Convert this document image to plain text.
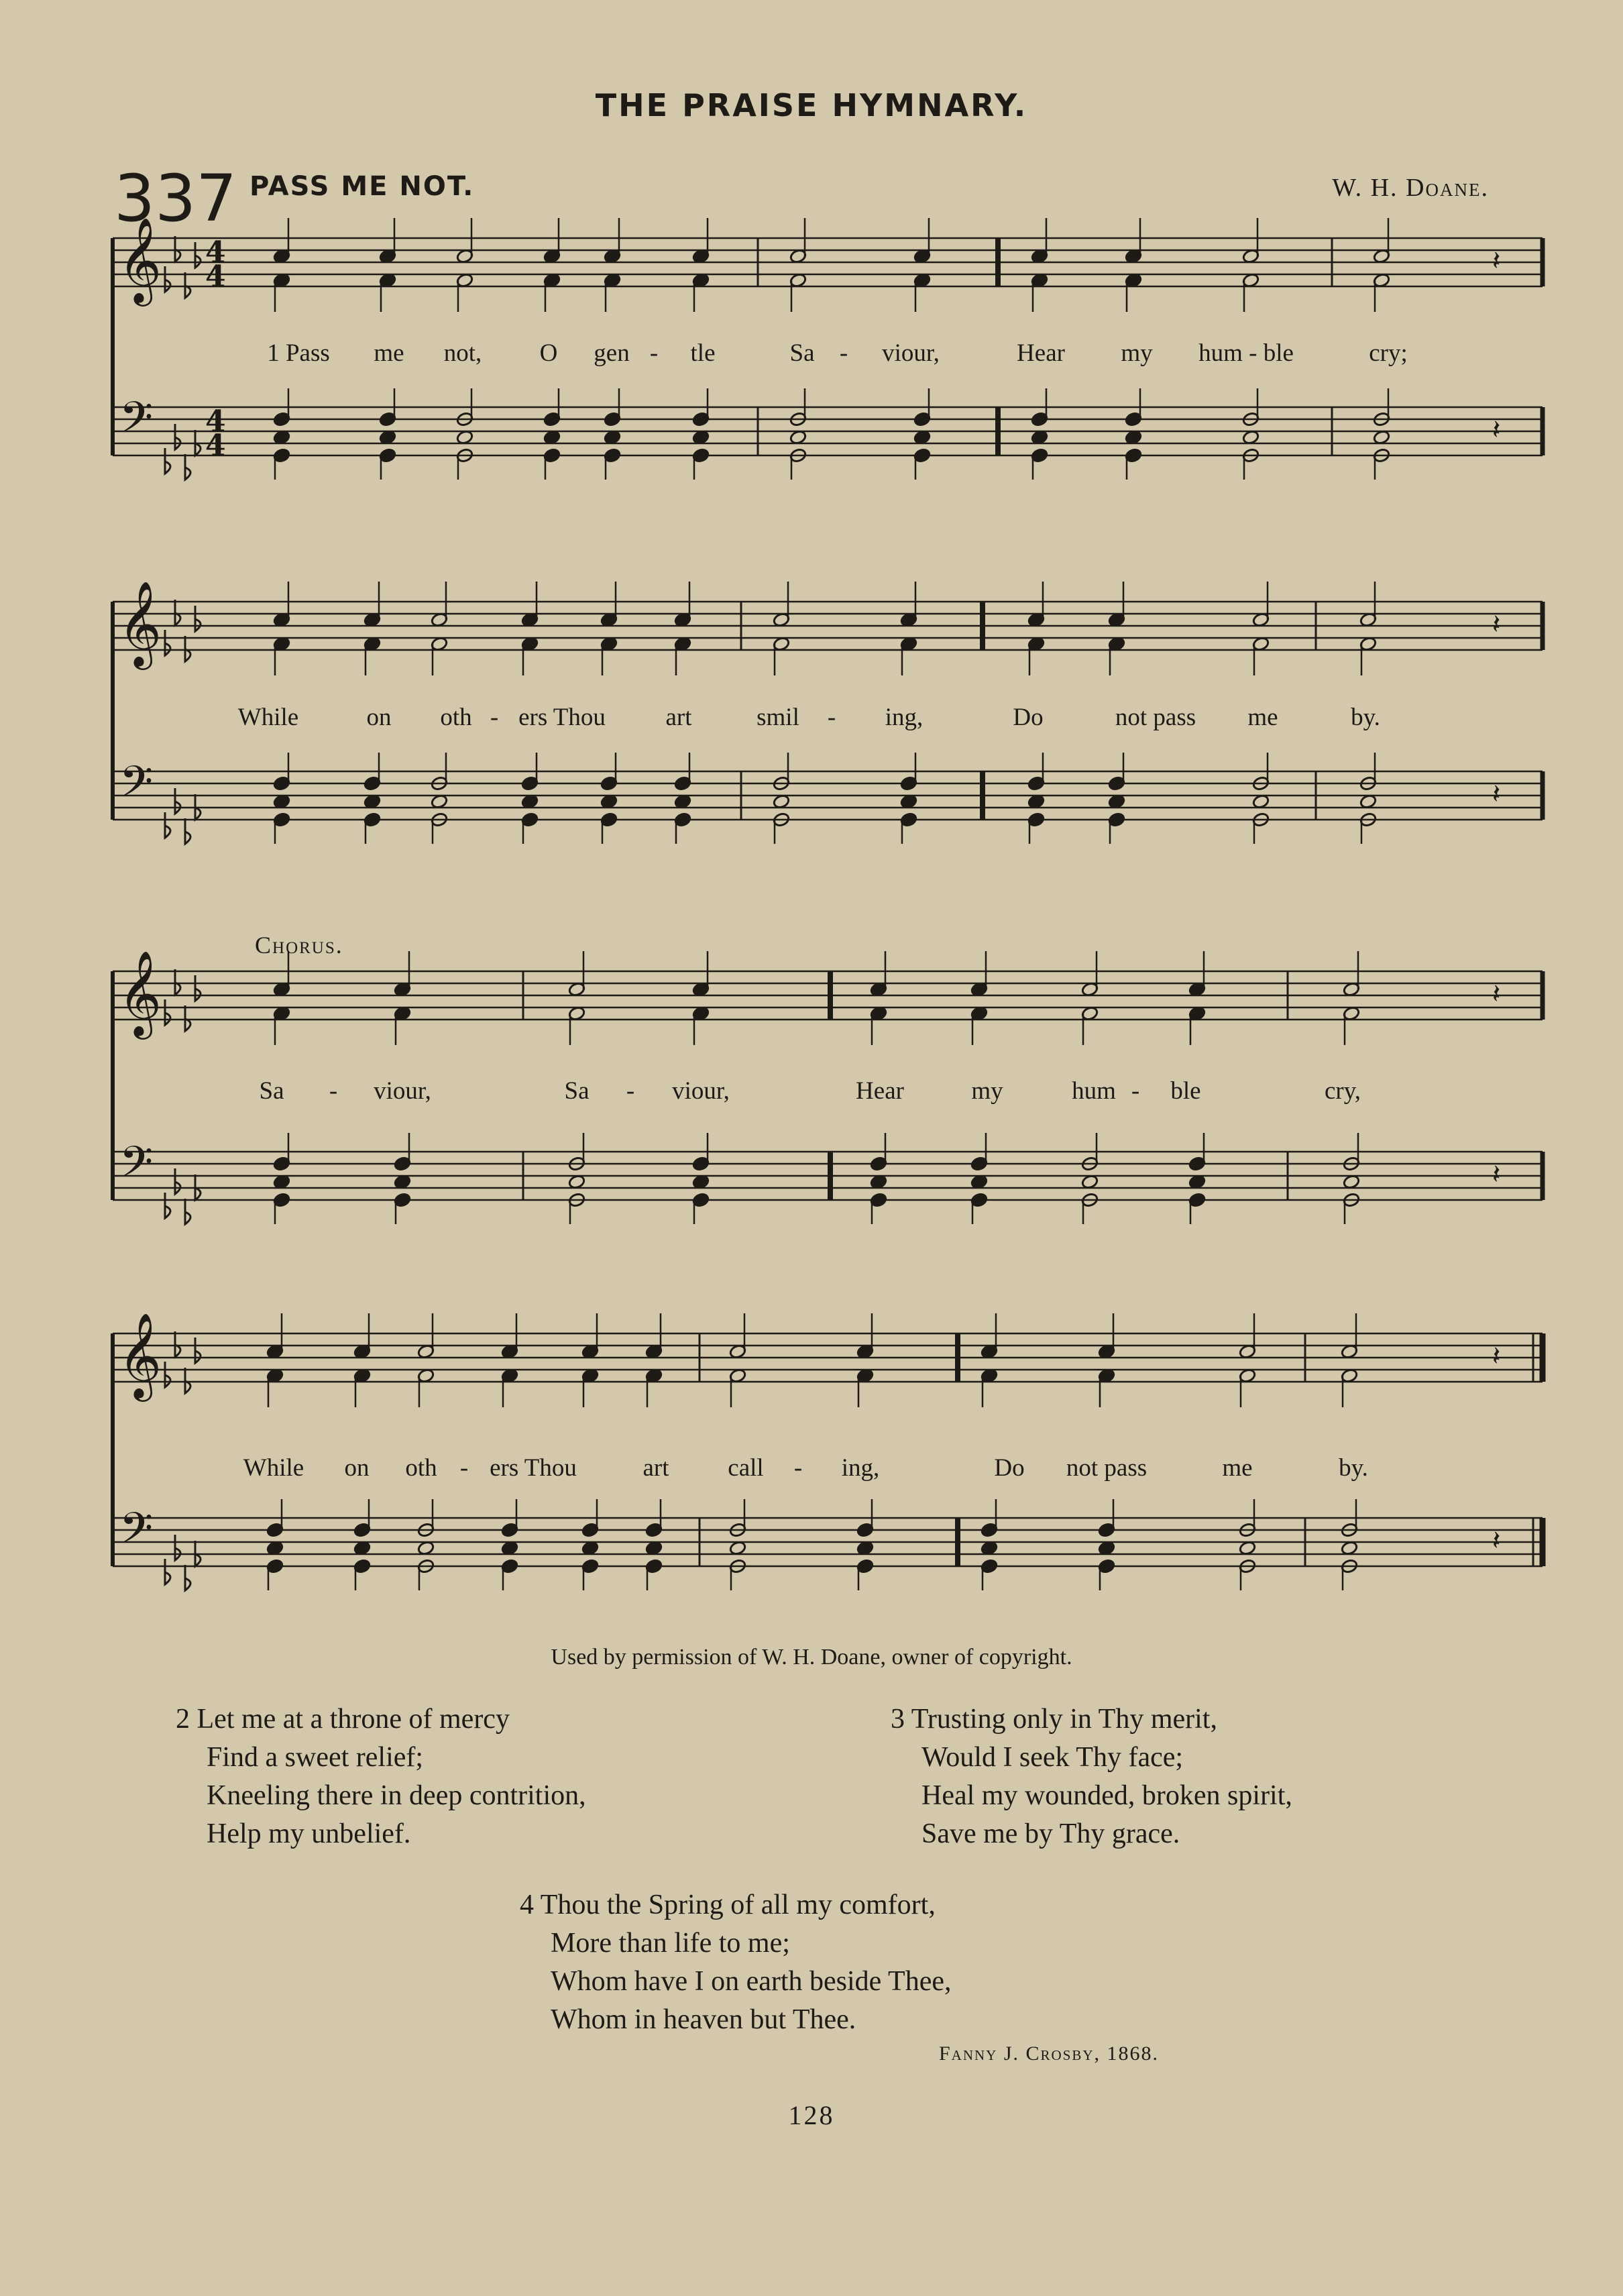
THE PRAISE HYMNARY.
337 PASS ME NOT.	W. H. Doane.
Chorus.
𝄞
𝄢
4
4
4
4
𝄽
𝄽
𝄞
𝄢
𝄽
𝄽
𝄞
𝄢
𝄽
𝄽
𝄞
𝄢
𝄽
𝄽
1 Pass me not, O gen - tle	Sa - viour,	Hear my hum - ble	cry;
While	on oth - ers Thou art	smil - ing,	Do	not pass me	by.
Sa - viour,	Sa - viour,	Hear	my	hum - ble	cry,
While on oth - ers Thou	art call - ing,	Do not pass	me	by.
Used by permission of W. H. Doane, owner of copyright.
2 Let me at a throne of mercy
Find a sweet relief;
Kneeling there in deep contrition,
Help my unbelief.
3 Trusting only in Thy merit,
Would I seek Thy face;
Heal my wounded, broken spirit,
Save me by Thy grace.
4 Thou the Spring of all my comfort,
More than life to me;
Whom have I on earth beside Thee,
Whom in heaven but Thee.
Fanny J. Crosby, 1868.
128
